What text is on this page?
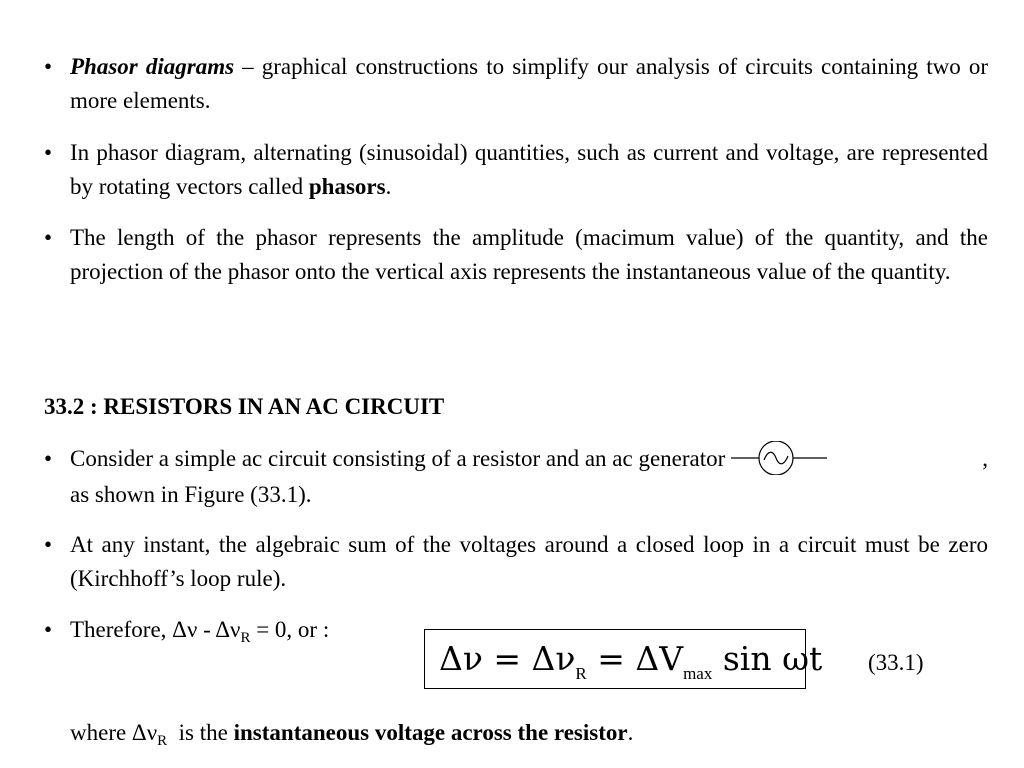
• Phasor diagrams – graphical constructions to simplify our analysis of circuits containing two or more elements.
• In phasor diagram, alternating (sinusoidal) quantities, such as current and voltage, are represented by rotating vectors called phasors.
• The length of the phasor represents the amplitude (macimum value) of the quantity, and the projection of the phasor onto the vertical axis represents the instantaneous value of the quantity.
33.2 : RESISTORS IN AN AC CIRCUIT
• Consider a simple ac circuit consisting of a resistor and an ac generator	,

as shown in Figure (33.1).
• At any instant, the algebraic sum of the voltages around a closed loop in a circuit must be zero (Kirchhoff’s loop rule).
• Therefore, $\Delta\nu - \Delta\nu_R = 0$, or :
$\Delta\nu = \Delta\nu_R = \Delta V_{max}$ sin ωt (33.1)
where $\Delta\nu_R$  is the instantaneous voltage across the resistor.
